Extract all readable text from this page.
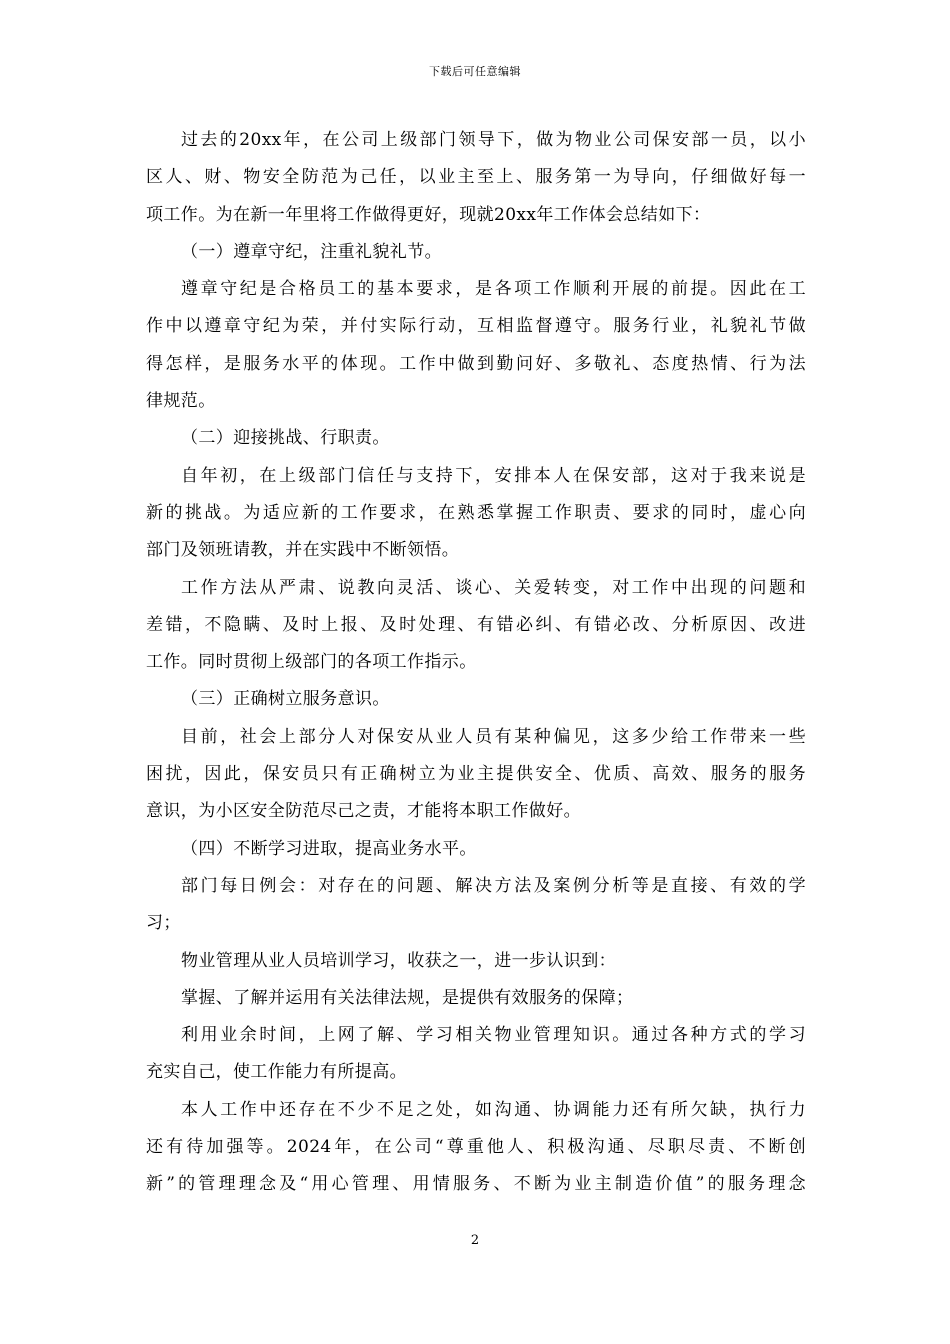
下载后可任意编辑
过去的20xx年，在公司上级部门领导下，做为物业公司保安部一员，以小
区人、财、物安全防范为己任，以业主至上、服务第一为导向，仔细做好每一
项工作。为在新一年里将工作做得更好，现就20xx年工作体会总结如下：
（一）遵章守纪，注重礼貌礼节。
遵章守纪是合格员工的基本要求，是各项工作顺利开展的前提。因此在工
作中以遵章守纪为荣，并付实际行动，互相监督遵守。服务行业，礼貌礼节做
得怎样，是服务水平的体现。工作中做到勤问好、多敬礼、态度热情、行为法
律规范。
（二）迎接挑战、行职责。
自年初，在上级部门信任与支持下，安排本人在保安部，这对于我来说是
新的挑战。为适应新的工作要求，在熟悉掌握工作职责、要求的同时，虚心向
部门及领班请教，并在实践中不断领悟。
工作方法从严肃、说教向灵活、谈心、关爱转变，对工作中出现的问题和
差错，不隐瞒、及时上报、及时处理、有错必纠、有错必改、分析原因、改进
工作。同时贯彻上级部门的各项工作指示。
（三）正确树立服务意识。
目前，社会上部分人对保安从业人员有某种偏见，这多少给工作带来一些
困扰，因此，保安员只有正确树立为业主提供安全、优质、高效、服务的服务
意识，为小区安全防范尽己之责，才能将本职工作做好。
（四）不断学习进取，提高业务水平。
部门每日例会：对存在的问题、解决方法及案例分析等是直接、有效的学
习；
物业管理从业人员培训学习，收获之一，进一步认识到：
掌握、了解并运用有关法律法规，是提供有效服务的保障；
利用业余时间，上网了解、学习相关物业管理知识。通过各种方式的学习
充实自己，使工作能力有所提高。
本人工作中还存在不少不足之处，如沟通、协调能力还有所欠缺，执行力
还有待加强等。2024年，在公司“尊重他人、积极沟通、尽职尽责、不断创
新”的管理理念及“用心管理、用情服务、不断为业主制造价值”的服务理念
2
